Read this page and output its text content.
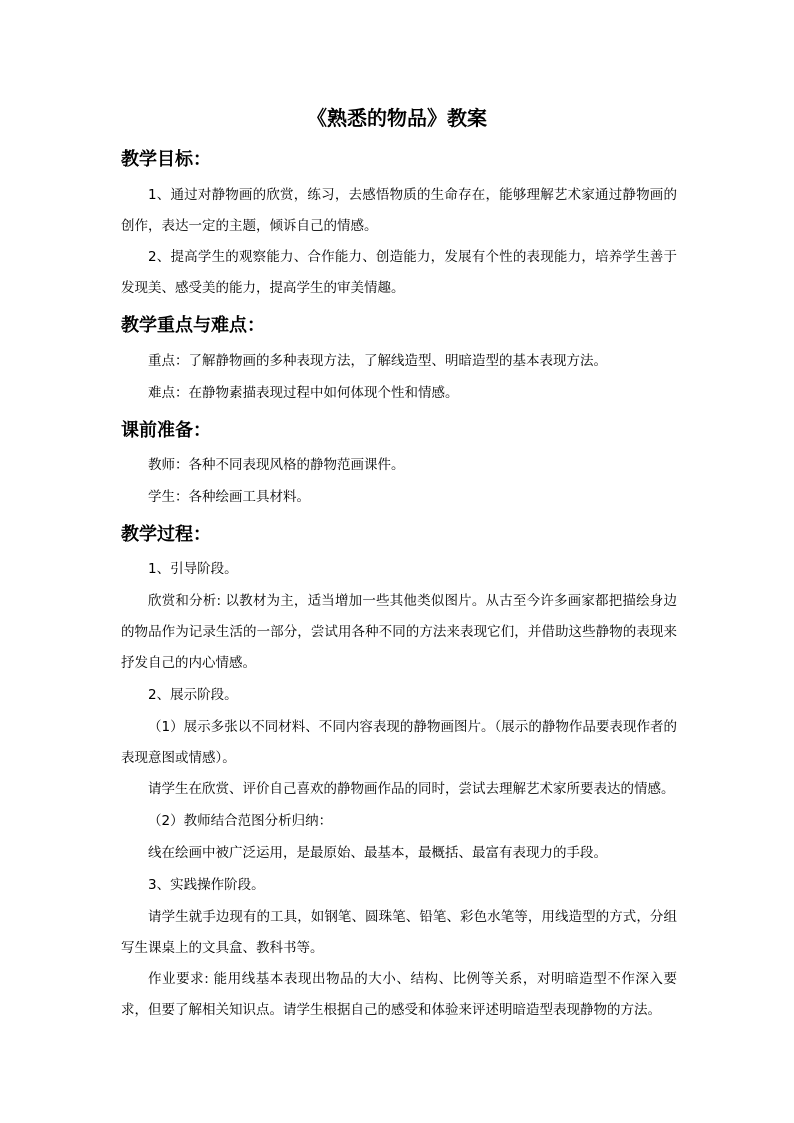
《熟悉的物品》教案
教学目标：
1、通过对静物画的欣赏，练习，去感悟物质的生命存在，能够理解艺术家通过静物画的创作，表达一定的主题，倾诉自己的情感。
2、提高学生的观察能力、合作能力、创造能力，发展有个性的表现能力，培养学生善于发现美、感受美的能力，提高学生的审美情趣。
教学重点与难点：
重点：了解静物画的多种表现方法，了解线造型、明暗造型的基本表现方法。
难点：在静物素描表现过程中如何体现个性和情感。
课前准备：
教师：各种不同表现风格的静物范画课件。
学生：各种绘画工具材料。
教学过程：
1、引导阶段。
欣赏和分析: 以教材为主，适当增加一些其他类似图片。从古至今许多画家都把描绘身边的物品作为记录生活的一部分，尝试用各种不同的方法来表现它们，并借助这些静物的表现来抒发自己的内心情感。
2、展示阶段。
（1）展示多张以不同材料、不同内容表现的静物画图片。（展示的静物作品要表现作者的表现意图或情感）。
请学生在欣赏、评价自己喜欢的静物画作品的同时，尝试去理解艺术家所要表达的情感。
（2）教师结合范图分析归纳：
线在绘画中被广泛运用，是最原始、最基本，最概括、最富有表现力的手段。
3、实践操作阶段。
请学生就手边现有的工具，如钢笔、圆珠笔、铅笔、彩色水笔等，用线造型的方式，分组写生课桌上的文具盒、教科书等。
作业要求: 能用线基本表现出物品的大小、结构、比例等关系，对明暗造型不作深入要求，但要了解相关知识点。请学生根据自己的感受和体验来评述明暗造型表现静物的方法。
